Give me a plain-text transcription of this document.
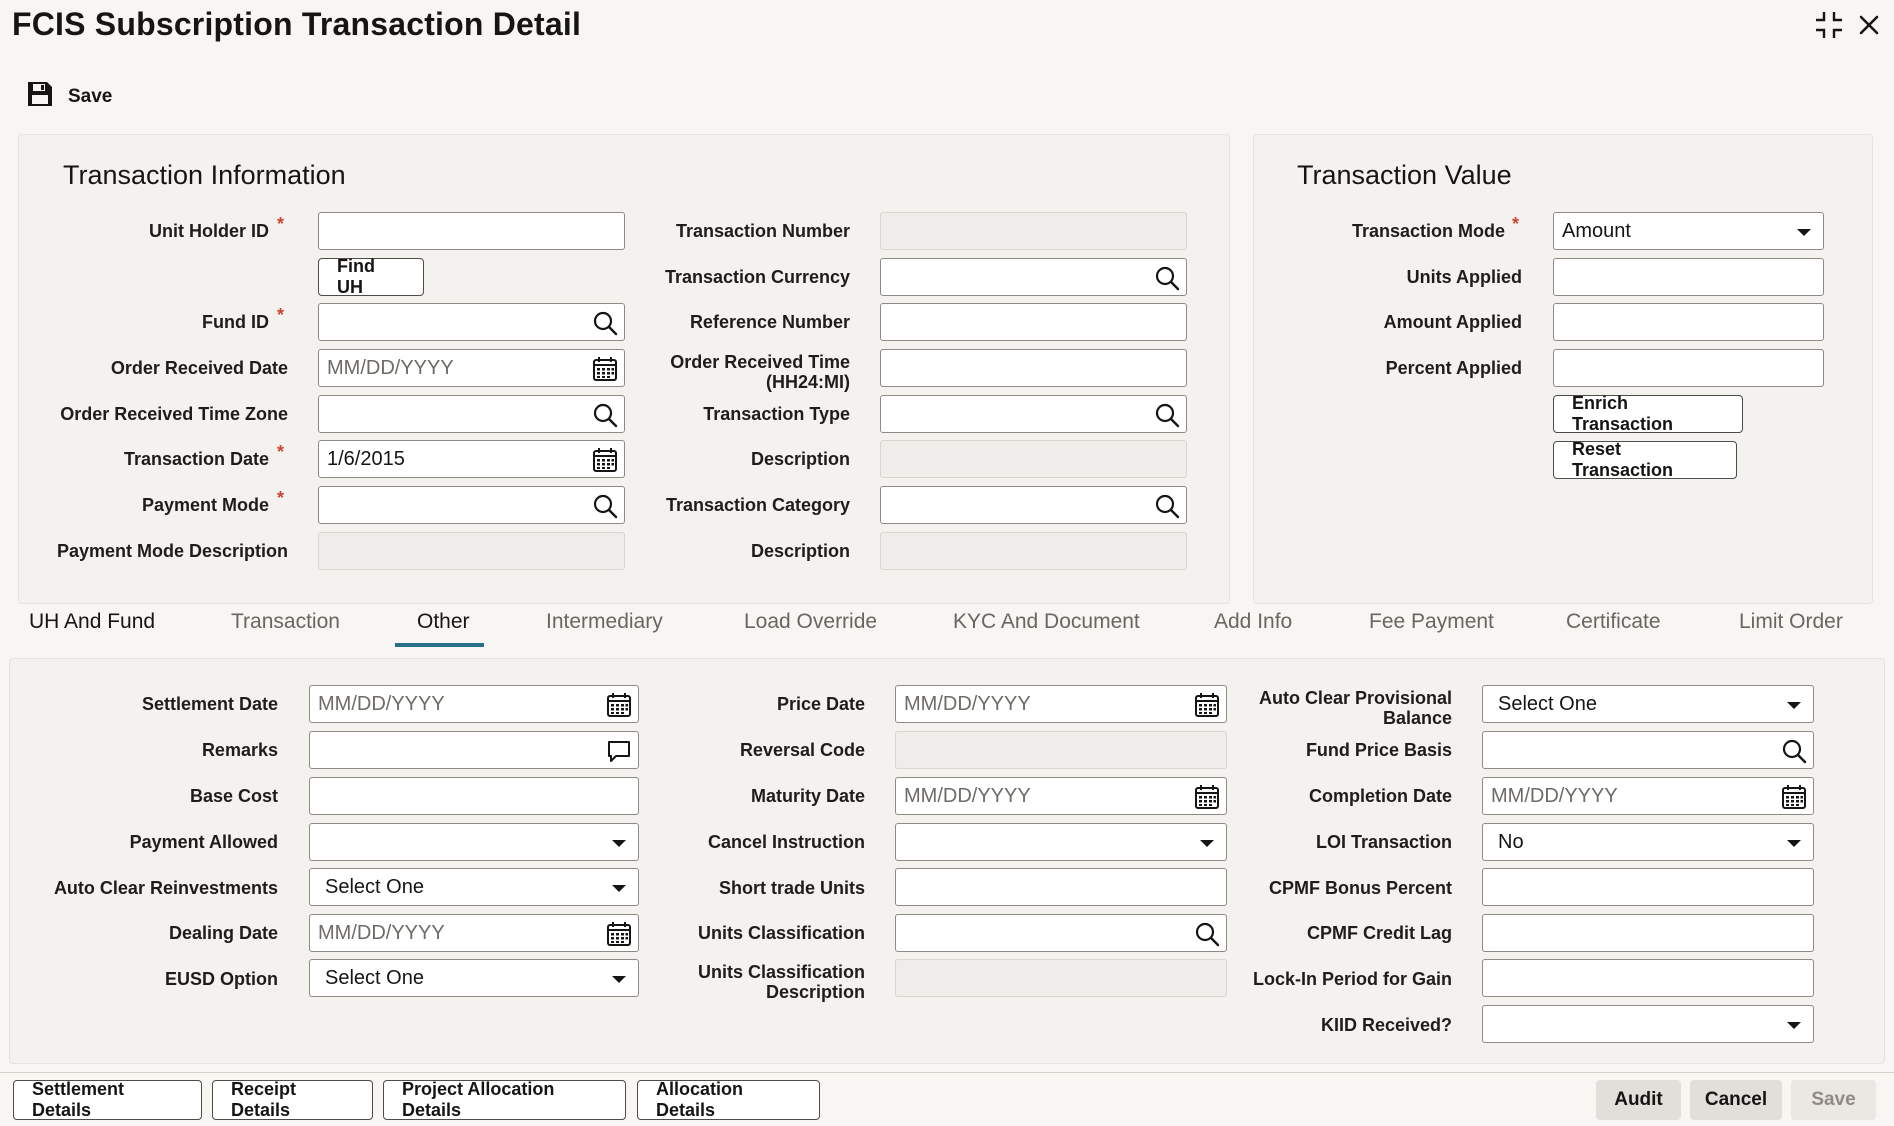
FCIS Subscription Transaction Detail
Save
Transaction Information
Unit Holder ID *
Find UH
Fund ID *
Order Received Date MM/DD/YYYY
Order Received Time Zone
Transaction Date * 1/6/2015
Payment Mode *
Payment Mode Description
Transaction Number
Transaction Currency
Reference Number
Order Received Time
(HH24:MI)
Transaction Type
Description
Transaction Category
Description
Transaction Value
Transaction Mode * Amount
Units Applied
Amount Applied
Percent Applied
Enrich Transaction
Reset Transaction
UH And Fund	Transaction	Other	Intermediary	Load Override	KYC And Document	Add Info	Fee Payment	Certificate	Limit Order
Settlement Date MM/DD/YYYY
Remarks
Base Cost
Payment Allowed
Auto Clear Reinvestments	Select One
Dealing Date MM/DD/YYYY
EUSD Option	Select One
Price Date MM/DD/YYYY
Reversal Code
Maturity Date MM/DD/YYYY
Cancel Instruction
Short trade Units
Units Classification
Units Classification
Description
Auto Clear Provisional
Balance
Select One
Fund Price Basis
Completion Date MM/DD/YYYY
LOI Transaction	No
CPMF Bonus Percent
CPMF Credit Lag
Lock-In Period for Gain
KIID Received?
Settlement Details
Receipt Details
Project Allocation Details
Allocation Details	Audit	Cancel	Save
